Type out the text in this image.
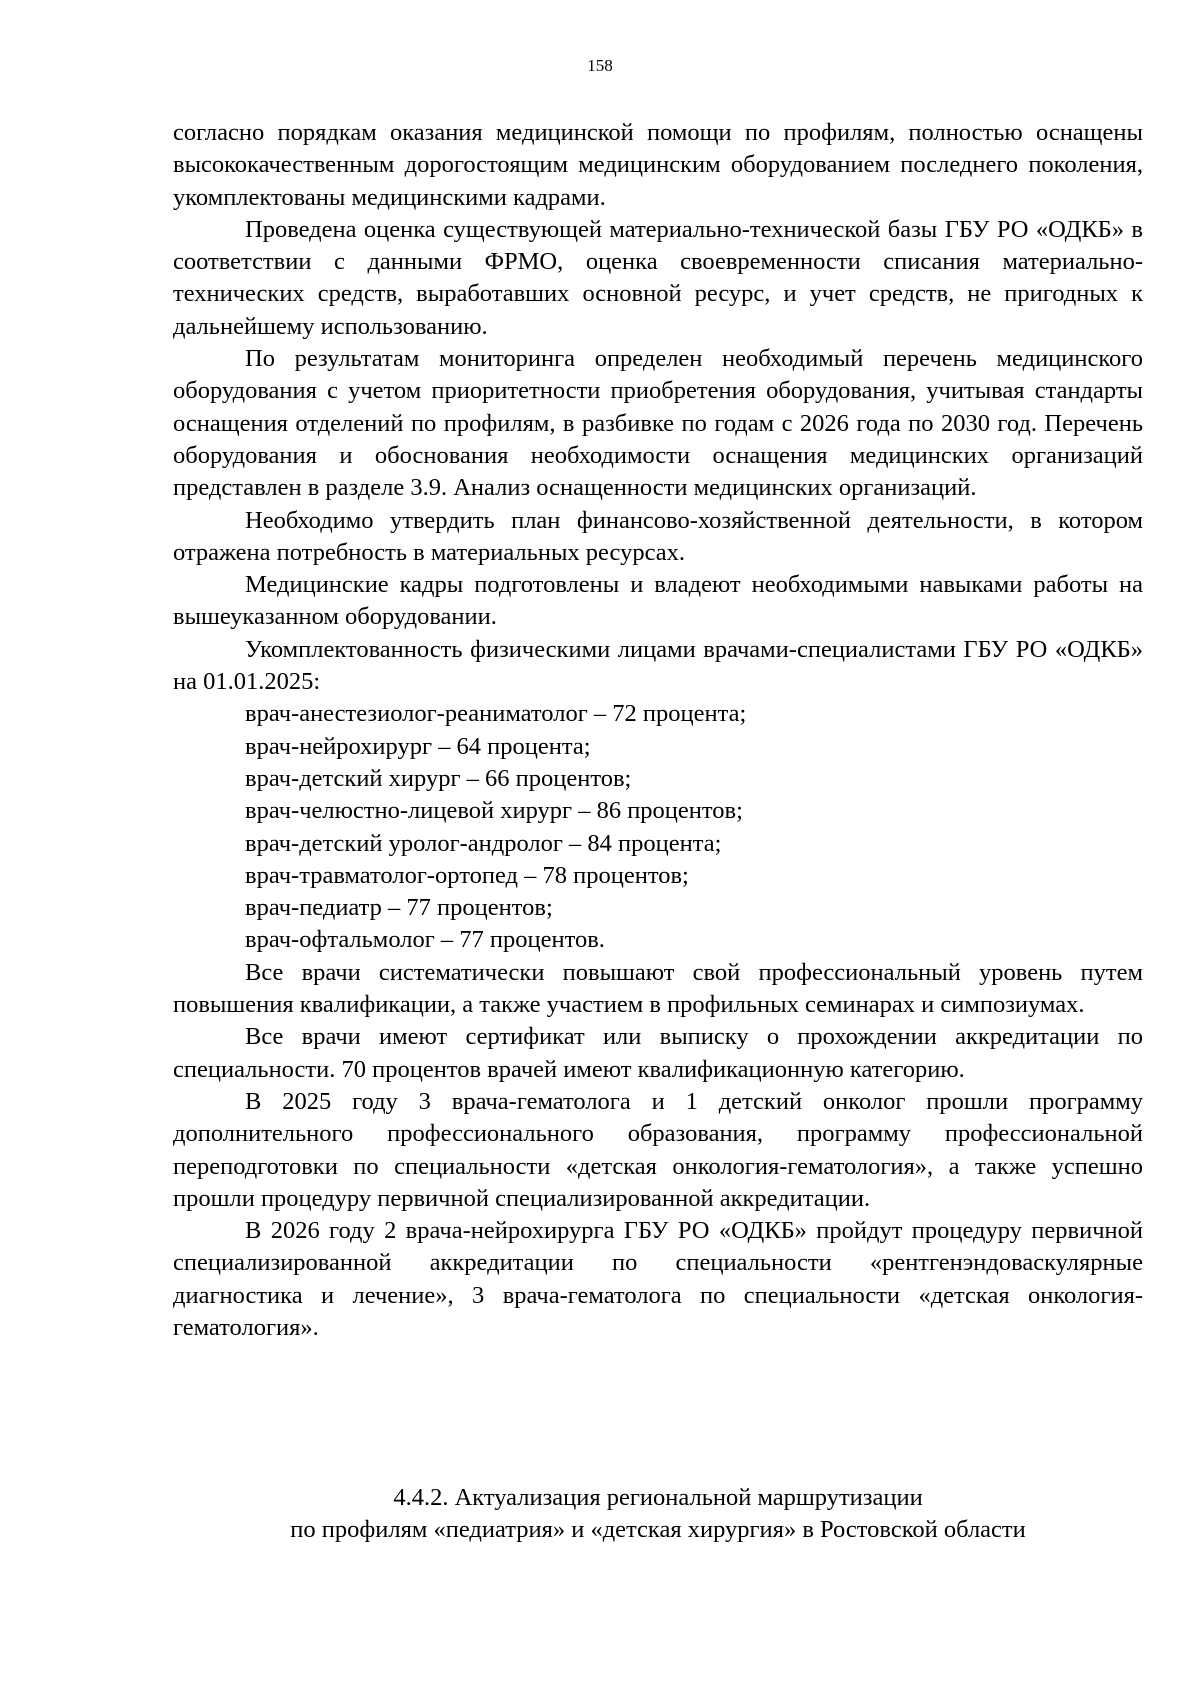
158

согласно порядкам оказания медицинской помощи по профилям, полностью оснащены высококачественным дорогостоящим медицинским оборудованием последнего поколения, укомплектованы медицинскими кадрами.

Проведена оценка существующей материально-технической базы ГБУ РО «ОДКБ» в соответствии с данными ФРМО, оценка своевременности списания материально-технических средств, выработавших основной ресурс, и учет средств, не пригодных к дальнейшему использованию.

По результатам мониторинга определен необходимый перечень медицинского оборудования с учетом приоритетности приобретения оборудования, учитывая стандарты оснащения отделений по профилям, в разбивке по годам с 2026 года по 2030 год. Перечень оборудования и обоснования необходимости оснащения медицинских организаций представлен в разделе 3.9. Анализ оснащенности медицинских организаций.

Необходимо утвердить план финансово-хозяйственной деятельности, в котором отражена потребность в материальных ресурсах.

Медицинские кадры подготовлены и владеют необходимыми навыками работы на вышеуказанном оборудовании.

Укомплектованность физическими лицами врачами-специалистами ГБУ РО «ОДКБ» на 01.01.2025:

врач-анестезиолог-реаниматолог – 72 процента;

врач-нейрохирург – 64 процента;

врач-детский хирург – 66 процентов;

врач-челюстно-лицевой хирург – 86 процентов;

врач-детский уролог-андролог – 84 процента;

врач-травматолог-ортопед – 78 процентов;

врач-педиатр – 77 процентов;

врач-офтальмолог – 77 процентов.

Все врачи систематически повышают свой профессиональный уровень путем повышения квалификации, а также участием в профильных семинарах и симпозиумах.

Все врачи имеют сертификат или выписку о прохождении аккредитации по специальности. 70 процентов врачей имеют квалификационную категорию.

В 2025 году 3 врача-гематолога и 1 детский онколог прошли программу дополнительного профессионального образования, программу профессиональной переподготовки по специальности «детская онкология-гематология», а также успешно прошли процедуру первичной специализированной аккредитации.

В 2026 году 2 врача-нейрохирурга ГБУ РО «ОДКБ» пройдут процедуру первичной специализированной аккредитации по специальности «рентгенэндоваскулярные диагностика и лечение», 3 врача-гематолога по специальности «детская онкология-гематология».

4.4.2. Актуализация региональной маршрутизации
по профилям «педиатрия» и «детская хирургия» в Ростовской области
